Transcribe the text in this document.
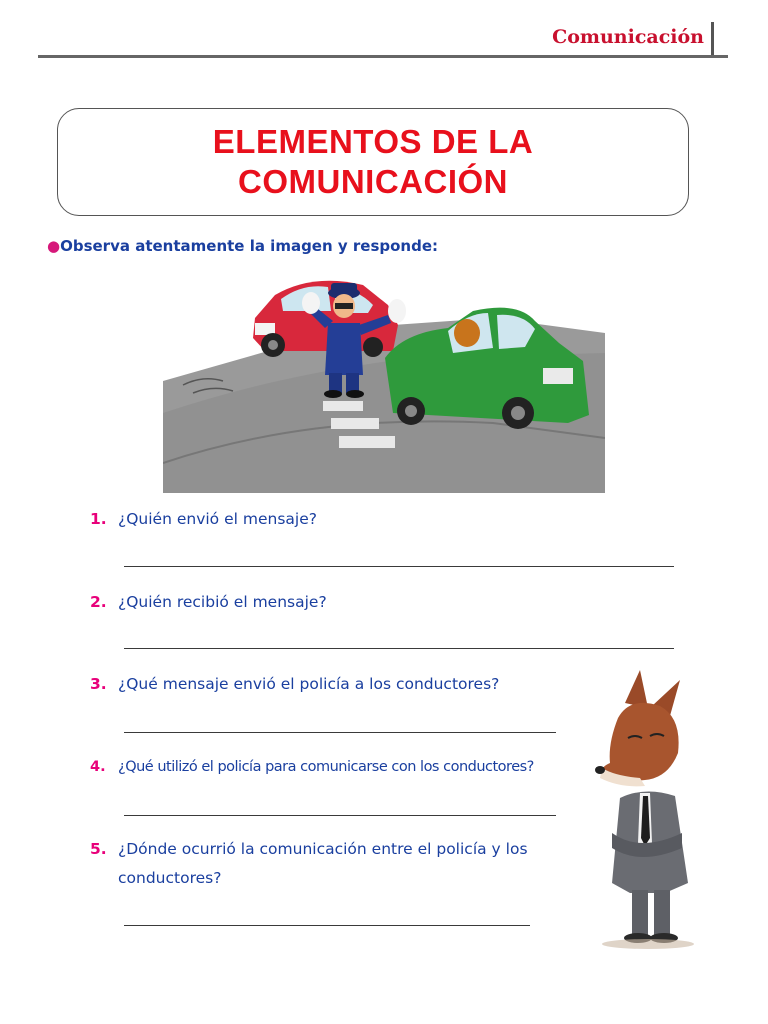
Comunicación
ELEMENTOS DE LA
COMUNICACIÓN
●Observa atentamente la imagen y responde:
1. ¿Quién envió el mensaje?
2. ¿Quién recibió el mensaje?
3. ¿Qué mensaje envió el policía a los conductores?
4. ¿Qué utilizó el policía para comunicarse con los conductores?
5. ¿Dónde ocurrió la comunicación entre el policía y los
conductores?
